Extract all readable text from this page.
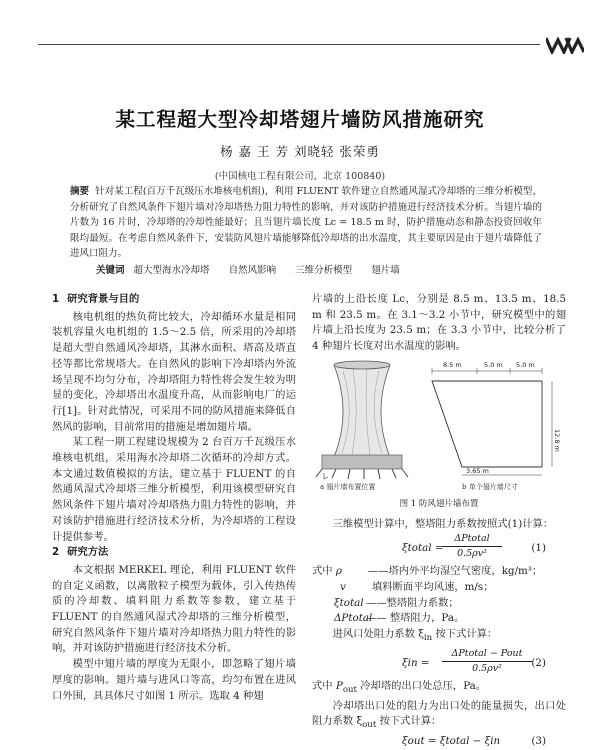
某工程超大型冷却塔翅片墙防风措施研究
杨 嘉 王 芳 刘晓轻 张荣勇
(中国核电工程有限公司，北京 100840)
摘要 针对某工程(百万千瓦级压水堆核电机组)，利用 FLUENT 软件建立自然通风湿式冷却塔的三维分析模型，分析研究了自然风条件下翅片墙对冷却塔热力阻力特性的影响，并对该防护措施进行经济技术分析。当翅片墙的片数为 16 片时，冷却塔的冷却性能最好；且当翅片墙长度 Lc = 18.5 m 时，防护措施动态和静态投资回收年限均最短。在考虑自然风条件下，安装防风翅片墙能够降低冷却塔的出水温度，其主要原因是由于翅片墙降低了进风口阻力。
关键词 超大型海水冷却塔 自然风影响 三维分析模型 翅片墙
1 研究背景与目的

核电机组的热负荷比较大，冷却循环水量是相同装机容量火电机组的 1.5～2.5 倍，所采用的冷却塔是超大型自然通风冷却塔，其淋水面积、塔高及塔直径等都比常规塔大。在自然风的影响下冷却塔内外流场呈现不均匀分布，冷却塔阻力特性将会发生较为明显的变化，冷却塔出水温度升高，从而影响电厂的运行[1]。针对此情况，可采用不同的防风措施来降低自然风的影响，目前常用的措施是增加翅片墙。

某工程一期工程建设规模为 2 台百万千瓦级压水堆核电机组，采用海水冷却塔二次循环的冷却方式。本文通过数值模拟的方法，建立基于 FLUENT 的自然通风湿式冷却塔三维分析模型，利用该模型研究自然风条件下翅片墙对冷却塔热力阻力特性的影响，并对该防护措施进行经济技术分析，为冷却塔的工程设计提供参考。

2 研究方法

本文根据 MERKEL 理论，利用 FLUENT 软件的自定义函数，以离散粒子模型为载体，引入传热传质的冷却数、填料阻力系数等参数，建立基于 FLUENT 的自然通风湿式冷却塔的三维分析模型，研究自然风条件下翅片墙对冷却塔热力阻力特性的影响，并对该防护措施进行经济技术分析。

模型中翅片墙的厚度为无限小，即忽略了翅片墙厚度的影响。翅片墙与进风口等高，均匀布置在进风口外围，具具体尺寸如图 1 所示。选取 4 种翅

片墙的上沿长度 Lc，分别是 8.5 m、13.5 m、18.5 m 和 23.5 m。在 3.1～3.2 小节中，研究模型中的翅片墙上沿长度为 23.5 m；在 3.3 小节中，比较分析了 4 种翅片长度对出水温度的影响。

8.5 m	5.0 m 5.0 m
12.8 m
3.65 m
a 翅片墙布置位置	b 单个翅片墙尺寸
图 1 防风翅片墙布置

三维模型计算中，整塔阻力系数按照式(1)计算：

ξtotal =
ΔPtotal
0.5ρv²	(1)
式中 ρ	——塔内外平均湿空气密度，kg/m³；
v	填料断面平均风速，m/s；
ξtotal ——整塔阻力系数；
ΔPtotal—— 整塔阻力，Pa。

进风口处阻力系数 $\xi_{in}$ 按下式计算：

ξin =
ΔPtotal − Pout
0.5ρv²	(2)

式中 $P_{out}$ 冷却塔的出口处总压，Pa。

冷却塔出口处的阻力为出口处的能量损失，出口处阻力系数 $\xi_{out}$ 按下式计算：

ξout = ξtotal − ξin	(3)
